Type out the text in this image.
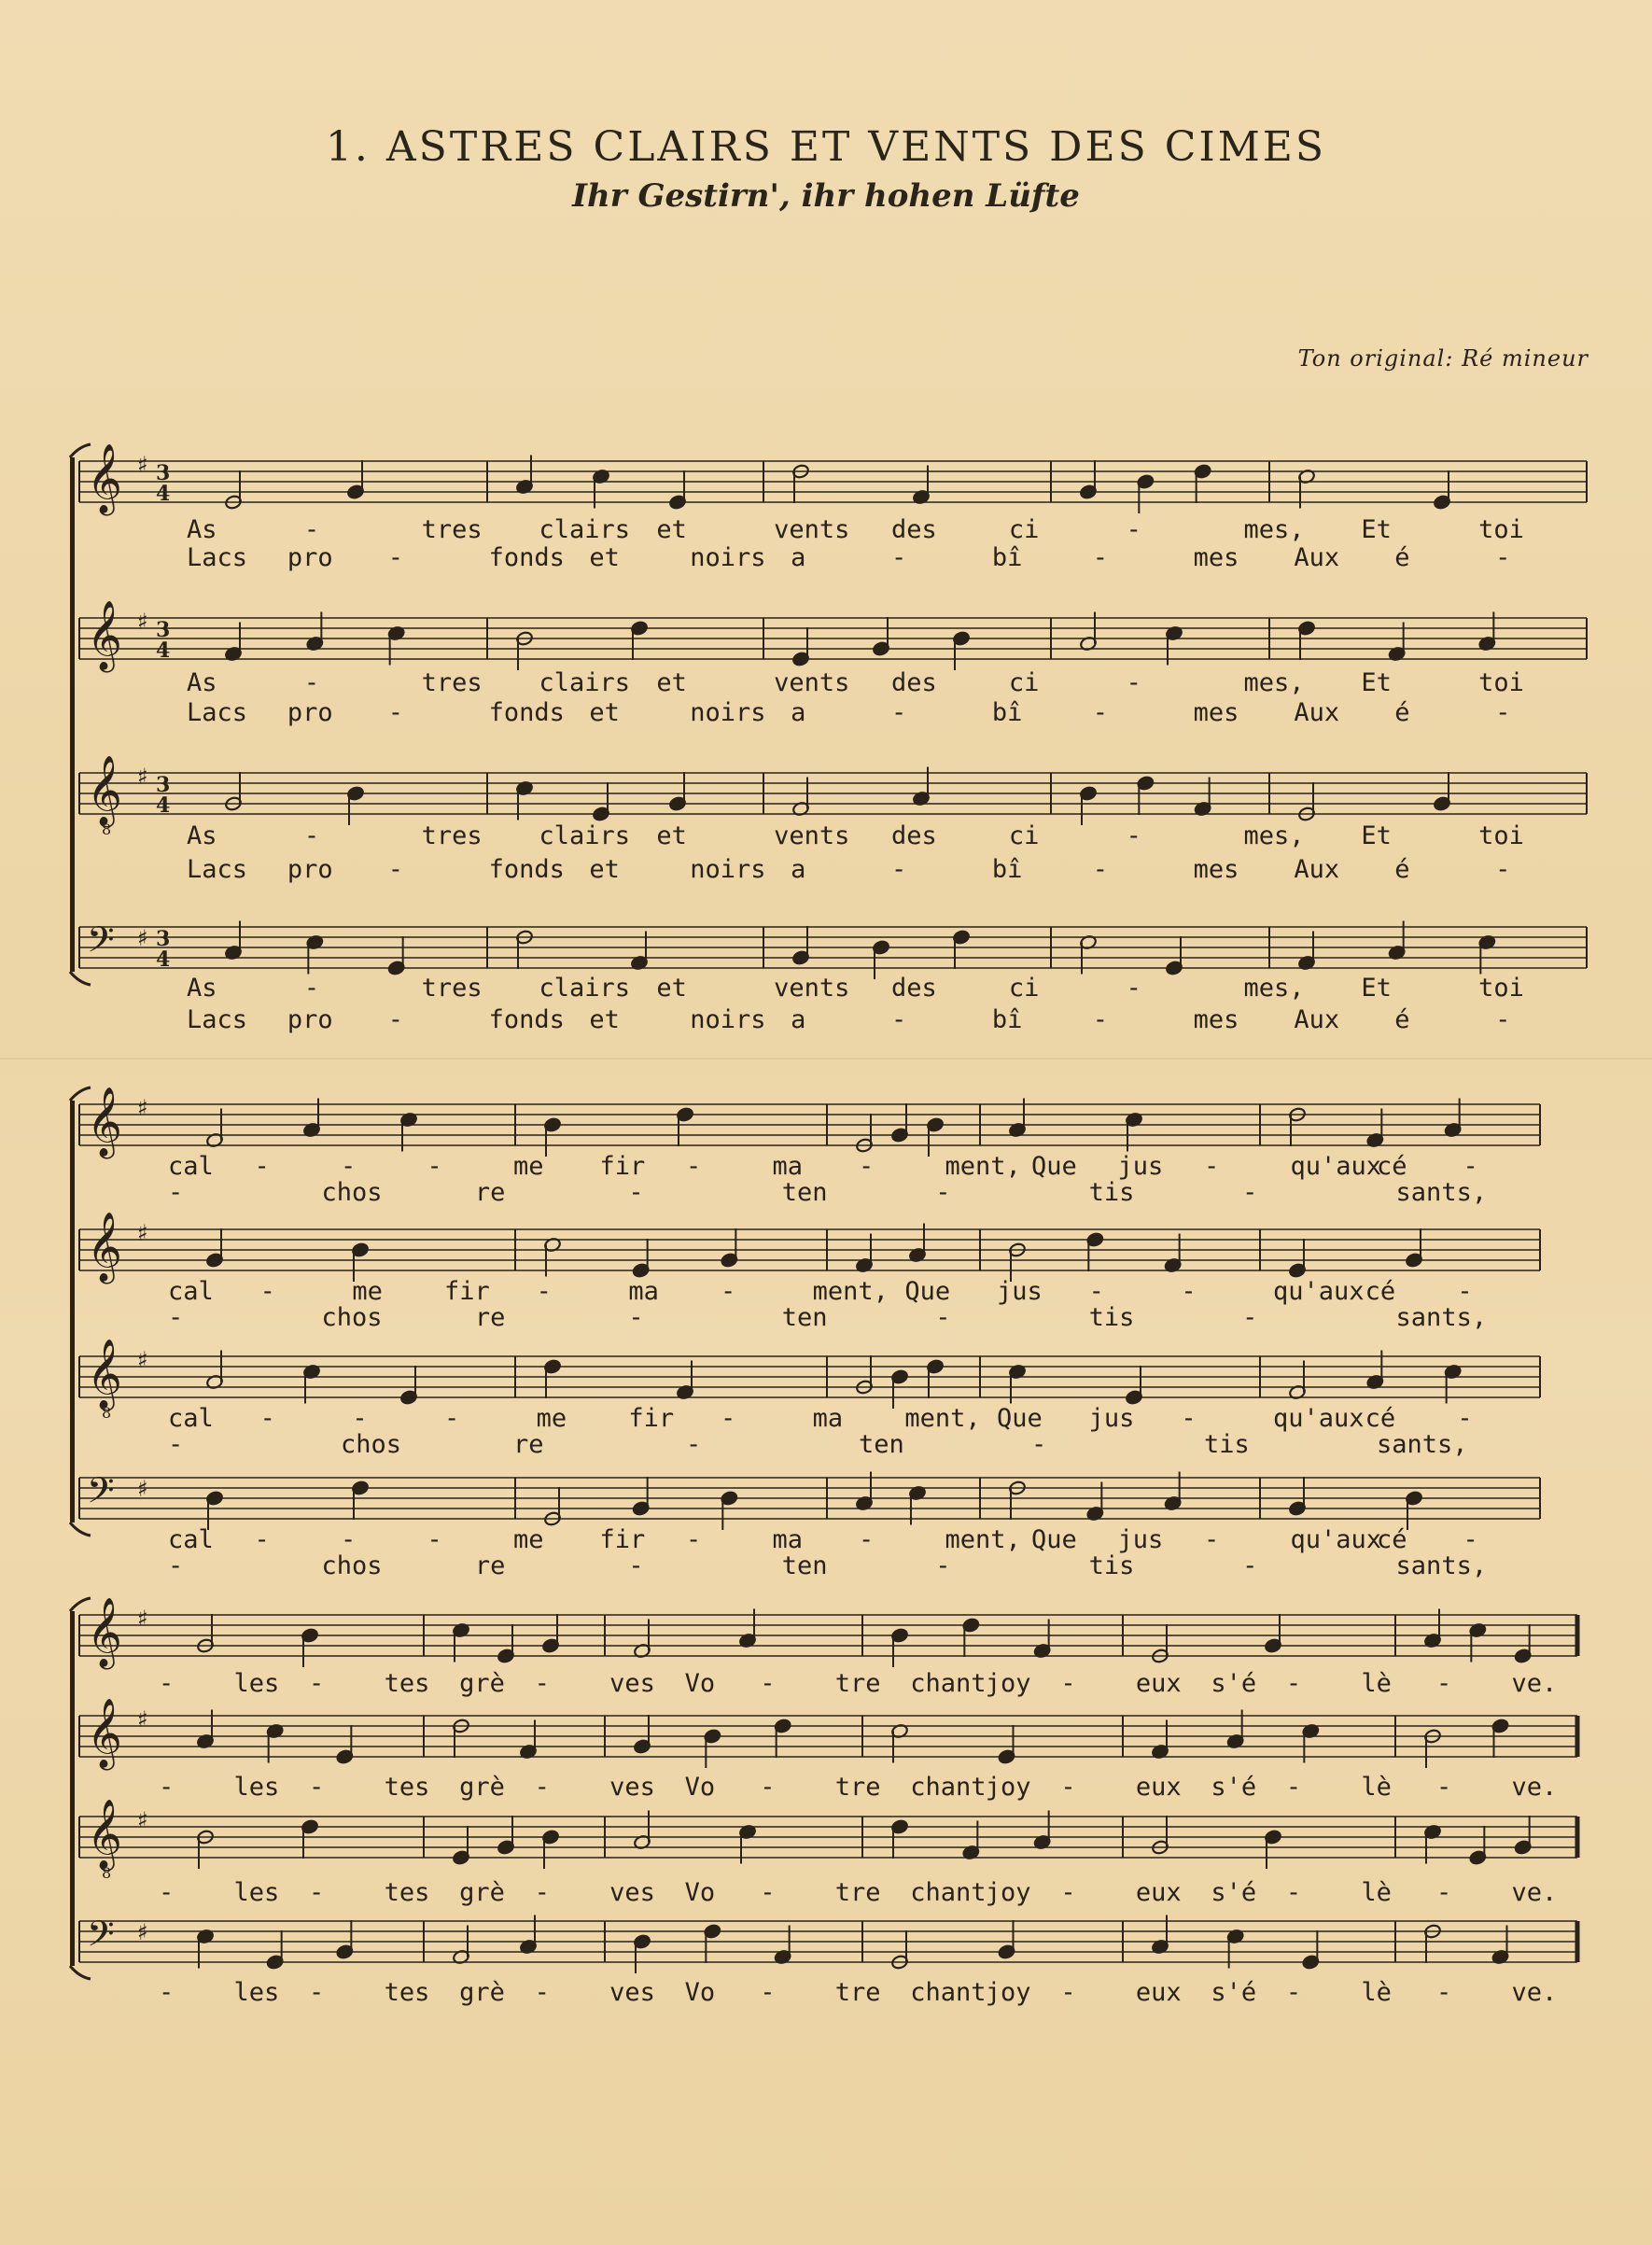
1. ASTRES CLAIRS ET VENTS DES CIMES
Ihr Gestirn', ihr hohen Lüfte
Ton original: Ré mineur
𝄞 ♯ 3
4
As	-	tres clairs et	vents des	ci	-	mes, Et	toi
Lacs pro -	fonds et	noirs a	-	bî	-	mes Aux é	-
𝄞 ♯ 3
4
As	-	tres clairs et	vents des	ci	-	mes, Et	toi
Lacs pro -	fonds et	noirs a	-	bî	-	mes Aux é	-
𝄞
8
♯ 3
4
As	-	tres clairs et	vents des	ci	-	mes, Et	toi
Lacs pro -	fonds et	noirs a	-	bî	-	mes Aux é	-
𝄢 ♯ 3
4
As	-	tres clairs et	vents des	ci	-	mes, Et	toi
Lacs pro -	fonds et	noirs a	-	bî	-	mes Aux é	-
𝄞 ♯
cal -	-	-	me fir -	ma -	ment, Que jus -	qu'aux
cé -
-	chos	re	-	ten	-	tis	-	sants,
𝄞 ♯
cal -	me fir -	ma -	ment, Que jus -	-	qu'aux cé -
-	chos	re	-	ten	-	tis	-	sants,
𝄞
8
♯
cal -	-	-	me fir -	ma ment, Que jus -	qu'aux cé -
-	chos	re	-	ten	-	tis	sants,
𝄢 ♯
cal -	-	-	me fir -	ma -	ment, Que jus -	qu'aux
cé -
-	chos	re	-	ten	-	tis	-	sants,
𝄞 ♯
- les - tes grè - ves Vo - tre chant joy - eux s'é - lè - ve.
𝄞 ♯
- les - tes grè - ves Vo - tre chant joy - eux s'é - lè - ve.
𝄞
8
♯
- les - tes grè - ves Vo - tre chant joy - eux s'é - lè - ve.
𝄢 ♯
- les - tes grè - ves Vo - tre chant joy - eux s'é - lè - ve.
